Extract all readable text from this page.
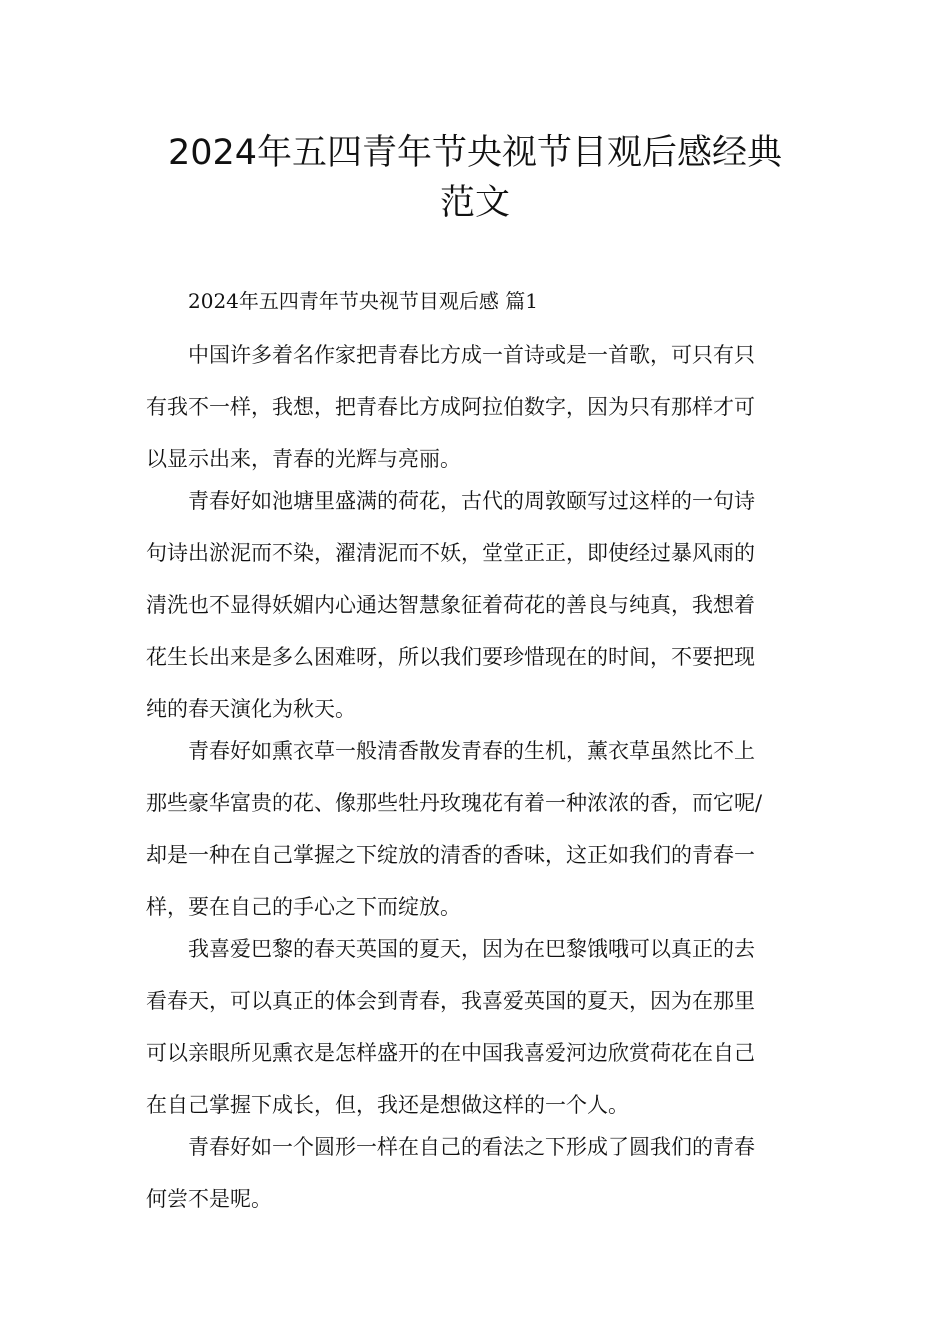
2024年五四青年节央视节目观后感经典
范文

2024年五四青年节央视节目观后感 篇1

中国许多着名作家把青春比方成一首诗或是一首歌，可只有只
有我不一样，我想，把青春比方成阿拉伯数字，因为只有那样才可
以显示出来，青春的光辉与亮丽。

青春好如池塘里盛满的荷花，古代的周敦颐写过这样的一句诗
句诗出淤泥而不染，濯清泥而不妖，堂堂正正，即使经过暴风雨的
清洗也不显得妖媚内心通达智慧象征着荷花的善良与纯真，我想着
花生长出来是多么困难呀，所以我们要珍惜现在的时间，不要把现
纯的春天演化为秋天。

青春好如熏衣草一般清香散发青春的生机，薰衣草虽然比不上
那些豪华富贵的花、像那些牡丹玫瑰花有着一种浓浓的香，而它呢/
却是一种在自己掌握之下绽放的清香的香味，这正如我们的青春一
样，要在自己的手心之下而绽放。

我喜爱巴黎的春天英国的夏天，因为在巴黎饿哦可以真正的去
看春天，可以真正的体会到青春，我喜爱英国的夏天，因为在那里
可以亲眼所见熏衣是怎样盛开的在中国我喜爱河边欣赏荷花在自己
在自己掌握下成长，但，我还是想做这样的一个人。

青春好如一个圆形一样在自己的看法之下形成了圆我们的青春
何尝不是呢。
